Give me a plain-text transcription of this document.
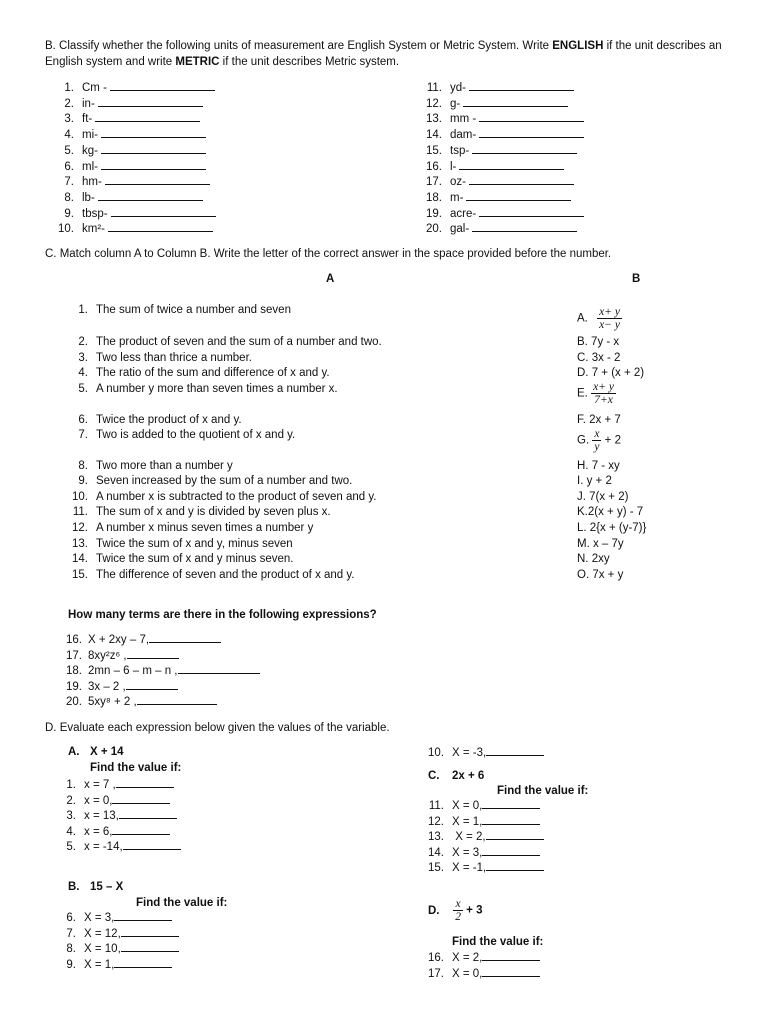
B. Classify whether the following units of measurement are English System or Metric System. Write ENGLISH if the unit describes an English system and write METRIC if the unit describes Metric system.
1. Cm -
2. in-
3. ft-
4. mi-
5. kg-
6. ml-
7. hm-
8. lb-
9. tbsp-
10. km²-
11. yd-
12. g-
13. mm -
14. dam-
15. tsp-
16. l-
17. oz-
18. m-
19. acre-
20. gal-
C. Match column A to Column B. Write the letter of the correct answer in the space provided before the number.
A	B
1. The sum of twice a number and seven
2. The product of seven and the sum of a number and two.
3. Two less than thrice a number.
4. The ratio of the sum and difference of x and y.
5. A number y more than seven times a number x.
6. Twice the product of x and y.
7. Two is added to the quotient of x and y.
8. Two more than a number y
9. Seven increased by the sum of a number and two.
10. A number x is subtracted to the product of seven and y.
11. The sum of x and y is divided by seven plus x.
12. A number x minus seven times a number y
13. Twice the sum of x and y, minus seven
14. Twice the sum of x and y minus seven.
15. The difference of seven and the product of x and y.
A. $\frac{x+ y}{x- y}$
B. 7y - x
C. 3x - 2
D. 7 + (x + 2)
E. $\frac{x+ y}{7+x}$
F. 2x + 7
G. $\frac{x}{y} + 2$
H. 7 - xy
I. y + 2
J. 7(x + 2)
K.2(x + y) - 7
L. 2{x + (y-7)}
M. x – 7y
N. 2xy
O. 7x + y
How many terms are there in the following expressions?
16. X + 2xy – 7,
17. 8xy²z⁶ ,
18. 2mn – 6 – m – n ,
19. 3x – 2 ,
20. 5xy⁸ + 2 ,
D. Evaluate each expression below given the values of the variable.
A. X + 14
Find the value if:
1. x = 7 ,
2. x = 0,
3. x = 13,
4. x = 6,
5. x = -14,
B. 15 – X
Find the value if:
6. X = 3,
7. X = 12,
8. X = 10,
9. X = 1,
10. X = -3,
C. 2x + 6
Find the value if:
11. X = 0,
12. X = 1,
13. X = 2,
14. X = 3,
15. X = -1,
D. $\frac{x}{2} + 3$
Find the value if:
16. X = 2,
17. X = 0,
